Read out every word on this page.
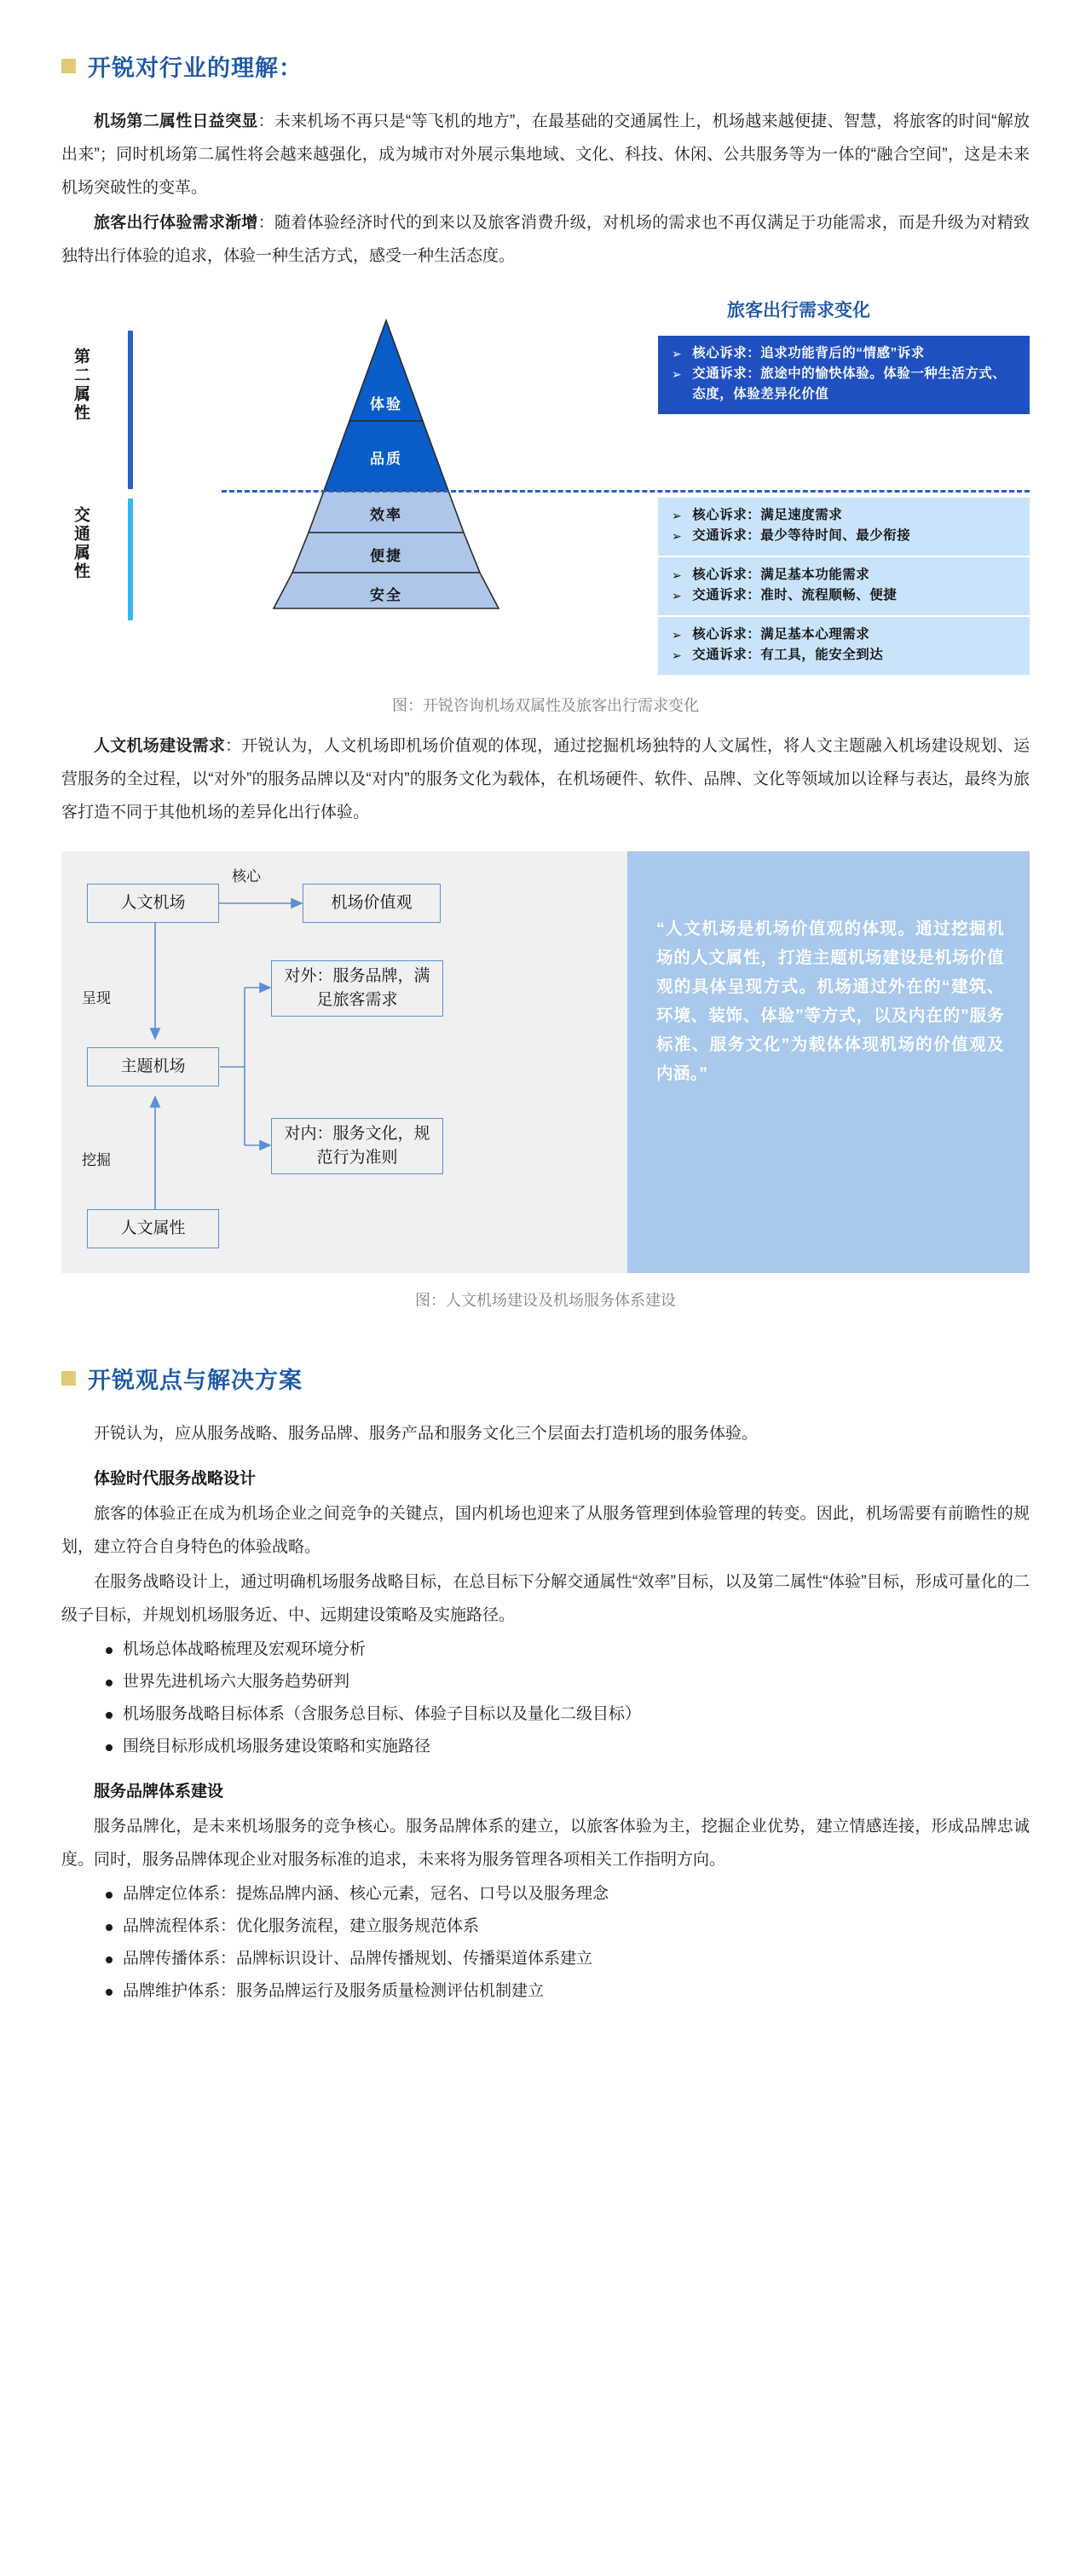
开锐对行业的理解：

机场第二属性日益突显：未来机场不再只是“等飞机的地方”，在最基础的交通属性上，机场越来越便捷、智慧，将旅客的时间“解放出来”；同时机场第二属性将会越来越强化，成为城市对外展示集地域、文化、科技、休闲、公共服务等为一体的“融合空间”，这是未来机场突破性的变革。

旅客出行体验需求渐增：随着体验经济时代的到来以及旅客消费升级，对机场的需求也不再仅满足于功能需求，而是升级为对精致独特出行体验的追求，体验一种生活方式，感受一种生活态度。

旅客出行需求变化
第二属性
交通属性
体验
品质
效率
便捷
安全
➢ 核心诉求：追求功能背后的“情感”诉求
➢ 交通诉求：旅途中的愉快体验。体验一种生活方式、态度，体验差异化价值
➢ 核心诉求：满足速度需求
➢ 交通诉求：最少等待时间、最少衔接
➢ 核心诉求：满足基本功能需求
➢ 交通诉求：准时、流程顺畅、便捷
➢ 核心诉求：满足基本心理需求
➢ 交通诉求：有工具，能安全到达
图：开锐咨询机场双属性及旅客出行需求变化

人文机场建设需求：开锐认为，人文机场即机场价值观的体现，通过挖掘机场独特的人文属性，将人文主题融入机场建设规划、运营服务的全过程，以“对外”的服务品牌以及“对内”的服务文化为载体，在机场硬件、软件、品牌、文化等领域加以诠释与表达，最终为旅客打造不同于其他机场的差异化出行体验。

人文机场	机场价值观
主题机场
人文属性
对外：服务品牌，满足旅客需求
对内：服务文化，规范行为准则
核心
呈现
挖掘
“人文机场是机场价值观的体现。通过挖掘机场的人文属性，打造主题机场建设是机场价值观的具体呈现方式。机场通过外在的“建筑、环境、装饰、体验”等方式，以及内在的”服务标准、服务文化”为载体体现机场的价值观及内涵。”
图：人文机场建设及机场服务体系建设
开锐观点与解决方案

开锐认为，应从服务战略、服务品牌、服务产品和服务文化三个层面去打造机场的服务体验。

体验时代服务战略设计

旅客的体验正在成为机场企业之间竞争的关键点，国内机场也迎来了从服务管理到体验管理的转变。因此，机场需要有前瞻性的规划，建立符合自身特色的体验战略。

在服务战略设计上，通过明确机场服务战略目标，在总目标下分解交通属性“效率”目标，以及第二属性“体验”目标，形成可量化的二级子目标，并规划机场服务近、中、远期建设策略及实施路径。

机场总体战略梳理及宏观环境分析
世界先进机场六大服务趋势研判
机场服务战略目标体系（含服务总目标、体验子目标以及量化二级目标）
围绕目标形成机场服务建设策略和实施路径
服务品牌体系建设

服务品牌化，是未来机场服务的竞争核心。服务品牌体系的建立，以旅客体验为主，挖掘企业优势，建立情感连接，形成品牌忠诚度。同时，服务品牌体现企业对服务标准的追求，未来将为服务管理各项相关工作指明方向。

品牌定位体系：提炼品牌内涵、核心元素，冠名、口号以及服务理念
品牌流程体系：优化服务流程，建立服务规范体系
品牌传播体系：品牌标识设计、品牌传播规划、传播渠道体系建立
品牌维护体系：服务品牌运行及服务质量检测评估机制建立
